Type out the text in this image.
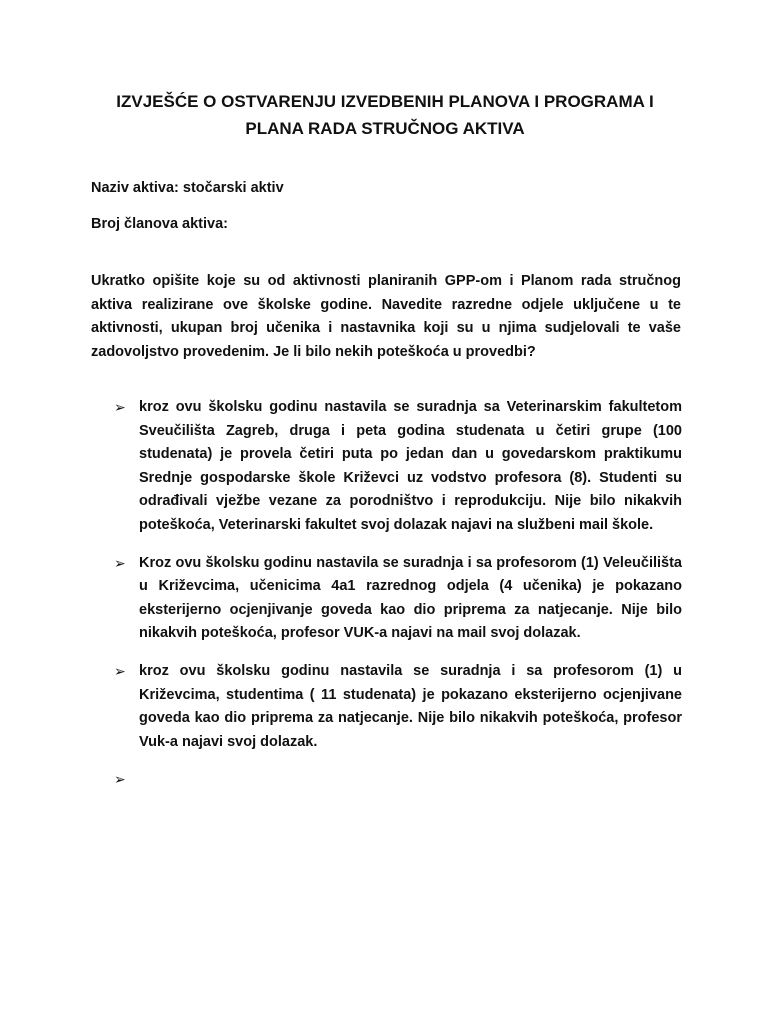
IZVJEŠĆE O OSTVARENJU IZVEDBENIH PLANOVA I PROGRAMA I
PLANA RADA STRUČNOG AKTIVA

Naziv aktiva: stočarski aktiv

Broj članova aktiva:

Ukratko opišite koje su od aktivnosti planiranih GPP-om i Planom rada stručnog aktiva realizirane ove školske godine. Navedite razredne odjele uključene u te aktivnosti, ukupan broj učenika i nastavnika koji su u njima sudjelovali te vaše zadovoljstvo provedenim. Je li bilo nekih poteškoća u provedbi?

➢ kroz ovu školsku godinu nastavila se suradnja sa Veterinarskim fakultetom Sveučilišta Zagreb, druga i peta godina studenata u četiri grupe (100 studenata) je provela četiri puta po jedan dan u govedarskom praktikumu Srednje gospodarske škole Križevci uz vodstvo profesora (8). Studenti su odrađivali vježbe vezane za porodništvo i reprodukciju. Nije bilo nikakvih poteškoća, Veterinarski fakultet svoj dolazak najavi na službeni mail škole.
➢ Kroz ovu školsku godinu nastavila se suradnja i sa profesorom (1) Veleučilišta u Križevcima, učenicima 4a1 razrednog odjela (4 učenika) je pokazano eksterijerno ocjenjivanje goveda kao dio priprema za natjecanje. Nije bilo nikakvih poteškoća, profesor VUK-a najavi na mail svoj dolazak.
➢ kroz ovu školsku godinu nastavila se suradnja i sa profesorom (1) u Križevcima, studentima ( 11 studenata) je pokazano eksterijerno ocjenjivane goveda kao dio priprema za natjecanje. Nije bilo nikakvih poteškoća, profesor Vuk-a najavi svoj dolazak.
➢
